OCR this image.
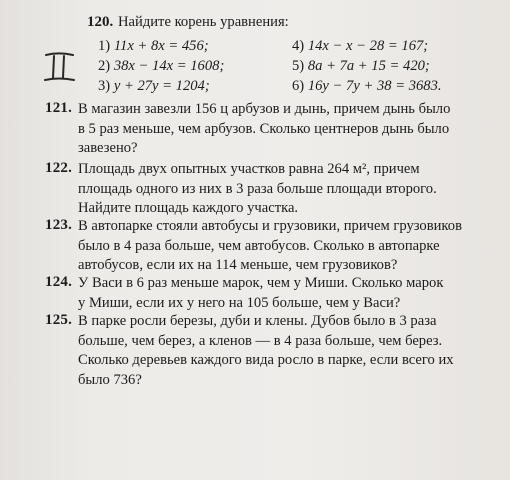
120. Найдите корень уравнения:
1) 11x + 8x = 456;
2) 38x − 14x = 1608;
3) y + 27y = 1204;
4) 14x − x − 28 = 167;
5) 8a + 7a + 15 = 420;
6) 16y − 7y + 38 = 3683.
121. В магазин завезли 156 ц арбузов и дынь, причем дынь было
в 5 раз меньше, чем арбузов. Сколько центнеров дынь было
завезено?
122. Площадь двух опытных участков равна 264 м², причем
площадь одного из них в 3 раза больше площади второго.
Найдите площадь каждого участка.
123. В автопарке стояли автобусы и грузовики, причем грузовиков
было в 4 раза больше, чем автобусов. Сколько в автопарке
автобусов, если их на 114 меньше, чем грузовиков?
124. У Васи в 6 раз меньше марок, чем у Миши. Сколько марок
у Миши, если их у него на 105 больше, чем у Васи?
125. В парке росли березы, дуби и клены. Дубов было в 3 раза
больше, чем берез, а кленов — в 4 раза больше, чем берез.
Сколько деревьев каждого вида росло в парке, если всего их
было 736?
